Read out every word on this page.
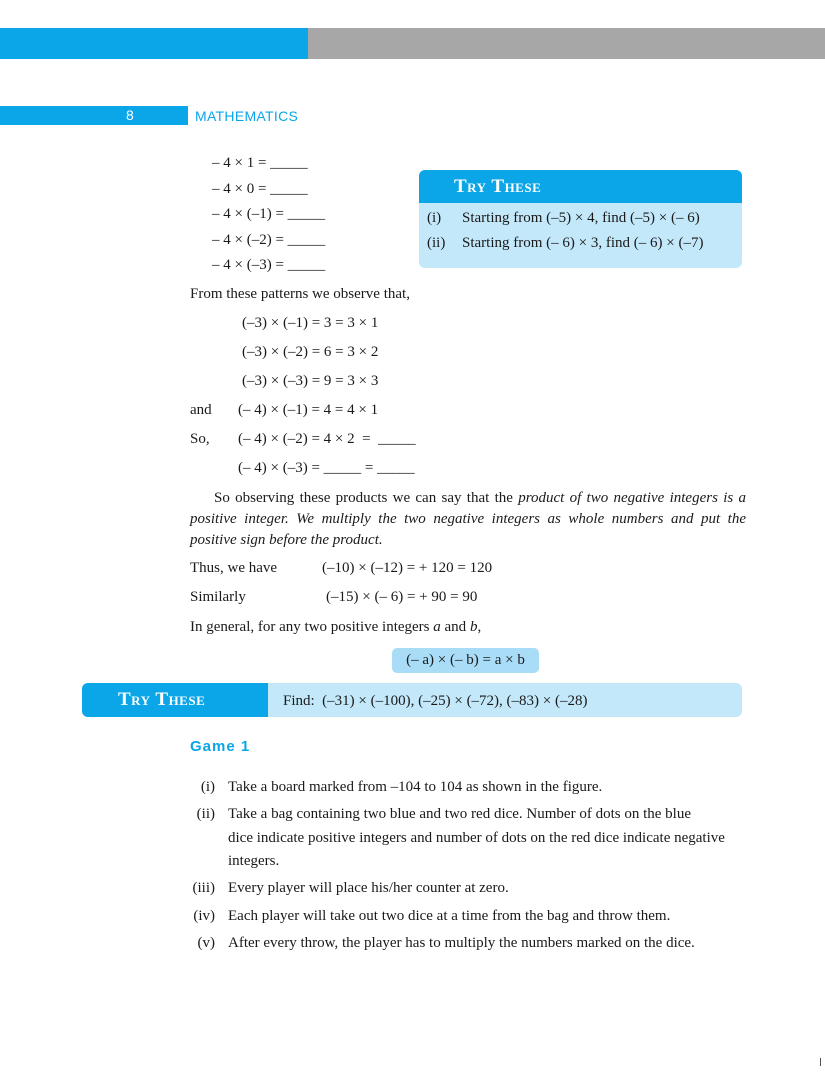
8	MATHEMATICS
– 4 × 1 = _____
– 4 × 0 = _____
– 4 × (–1) = _____
– 4 × (–2) = _____
– 4 × (–3) = _____
Try These
(i) Starting from (–5) × 4, find (–5) × (– 6)
(ii) Starting from (– 6) × 3, find (– 6) × (–7)
From these patterns we observe that,
(–3) × (–1) = 3 = 3 × 1
(–3) × (–2) = 6 = 3 × 2
(–3) × (–3) = 9 = 3 × 3
and (– 4) × (–1) = 4 = 4 × 1
So, (– 4) × (–2) = 4 × 2  =  _____
(– 4) × (–3) = _____ = _____
So observing these products we can say that the product of two negative integers is a positive integer. We multiply the two negative integers as whole numbers and put the positive sign before the product.
Thus, we have	(–10) × (–12) = + 120 = 120
Similarly	(–15) × (– 6) = + 90 = 90
In general, for any two positive integers a and b,
(– a) × (– b) = a × b
Try These	Find:  (–31) × (–100), (–25) × (–72), (–83) × (–28)
Game 1
(i) Take a board marked from –104 to 104 as shown in the figure.
(ii) Take a bag containing two blue and two red dice. Number of dots on the blue
dice indicate positive integers and number of dots on the red dice indicate negative
integers.
(iii) Every player will place his/her counter at zero.
(iv) Each player will take out two dice at a time from the bag and throw them.
(v) After every throw, the player has to multiply the numbers marked on the dice.
